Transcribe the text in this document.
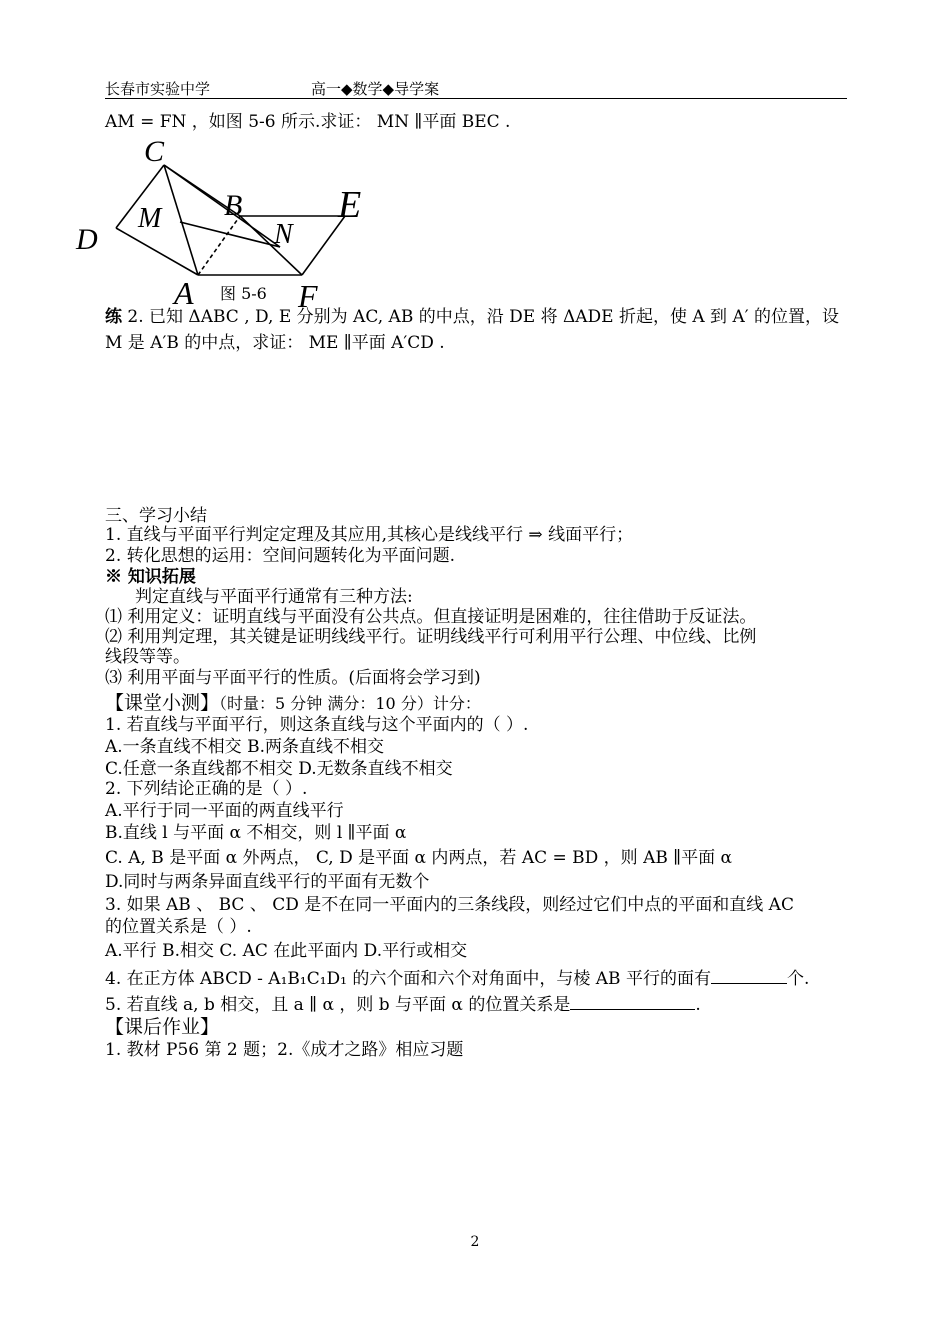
长春市实验中学	高一◆数学◆导学案
AM = FN ，如图 5-6 所示.求证： MN ∥平面 BEC .
C
M B	E
D	N
A	F
图 5-6
练 2. 已知 ΔABC , D, E 分别为 AC, AB 的中点，沿 DE 将 ΔADE 折起，使 A 到 A′ 的位置，设
M 是 A′B 的中点，求证： ME ∥平面 A′CD .
三、学习小结
1. 直线与平面平行判定定理及其应用,其核心是线线平行 ⇒ 线面平行；
2. 转化思想的运用：空间问题转化为平面问题.
※ 知识拓展
判定直线与平面平行通常有三种方法:
⑴ 利用定义：证明直线与平面没有公共点。但直接证明是困难的，往往借助于反证法。
⑵ 利用判定理，其关键是证明线线平行。证明线线平行可利用平行公理、中位线、比例
线段等等。
⑶ 利用平面与平面平行的性质。(后面将会学习到)
【课堂小测】（时量：5 分钟 满分：10 分）计分：
1. 若直线与平面平行，则这条直线与这个平面内的（ ）.
A.一条直线不相交 B.两条直线不相交
C.任意一条直线都不相交 D.无数条直线不相交
2. 下列结论正确的是（ ）.
A.平行于同一平面的两直线平行
B.直线 l 与平面 α 不相交，则 l ∥平面 α
C. A, B 是平面 α 外两点， C, D 是平面 α 内两点，若 AC = BD ，则 AB ∥平面 α
D.同时与两条异面直线平行的平面有无数个
3. 如果 AB 、 BC 、 CD 是不在同一平面内的三条线段，则经过它们中点的平面和直线 AC
的位置关系是（ ）.
A.平行 B.相交 C. AC 在此平面内 D.平行或相交
4. 在正方体 ABCD - A₁B₁C₁D₁ 的六个面和六个对角面中，与棱 AB 平行的面有	个.
5. 若直线 a, b 相交，且 a ∥ α ，则 b 与平面 α 的位置关系是	.
【课后作业】
1. 教材 P56 第 2 题；2.《成才之路》相应习题
2
